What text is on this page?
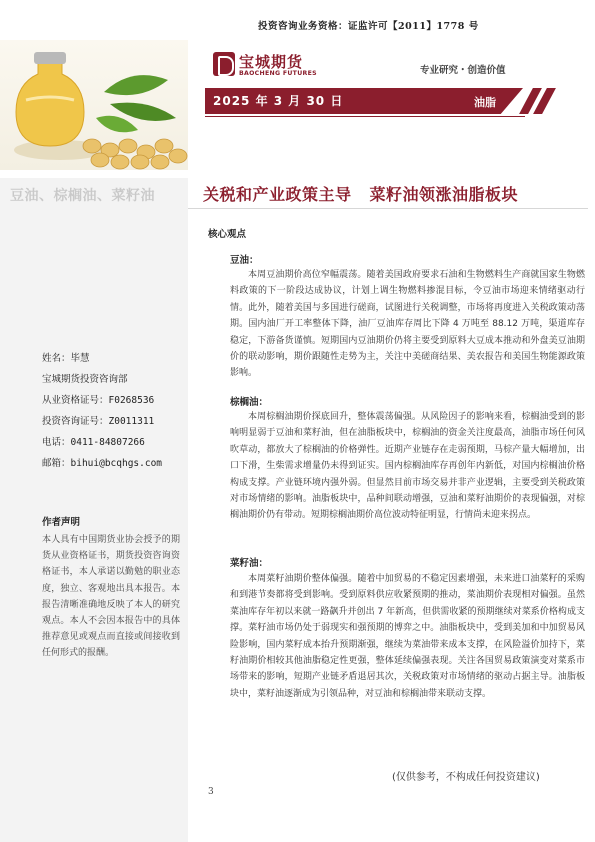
投资咨询业务资格：证监许可【2011】1778 号
宝城期货
BAOCHENG FUTURES	专业研究・创造价值
2025 年 3 月 30 日	油脂
豆油、棕榈油、菜籽油	关税和产业政策主导 菜籽油领涨油脂板块
姓名：毕慧
宝城期货投资咨询部
从业资格证号：F0268536
投资咨询证号：Z0011311
电话：0411-84807266
邮箱：bihui@bcqhgs.com
作者声明
本人具有中国期货业协会授予的期货从业资格证书，期货投资咨询资格证书，本人承诺以勤勉的职业态度，独立、客观地出具本报告。本报告清晰准确地反映了本人的研究观点。本人不会因本报告中的具体推荐意见或观点而直接或间接收到任何形式的报酬。
核心观点
豆油：
本周豆油期价高位窄幅震荡。随着美国政府要求石油和生物燃料生产商就国家生物燃料政策的下一阶段达成协议，计划上调生物燃料掺混目标，令豆油市场迎来情绪驱动行情。此外，随着美国与多国进行磋商，试图进行关税调整，市场将再度进入关税政策动荡期。国内油厂开工率整体下降，油厂豆油库存周比下降 4 万吨至 88.12 万吨，渠道库存稳定，下游备货谨慎。短期国内豆油期价仍将主要受到原料大豆成本推动和外盘美豆油期价的联动影响，期价跟随性走势为主，关注中美磋商结果、美农报告和美国生物能源政策影响。
棕榈油：
本周棕榈油期价探底回升，整体震荡偏强。从风险因子的影响来看，棕榈油受到的影响明显弱于豆油和菜籽油，但在油脂板块中，棕榈油的资金关注度最高，油脂市场任何风吹草动，都放大了棕榈油的价格弹性。近期产业链存在走弱预期，马棕产量大幅增加，出口下滑，生柴需求增量仍未得到证实。国内棕榈油库存再创年内新低，对国内棕榈油价格构成支撑。产业链环境内强外弱。但显然目前市场交易并非产业逻辑，主要受到关税政策对市场情绪的影响。油脂板块中，品种间联动增强，豆油和菜籽油期价的表现偏强，对棕榈油期价仍有带动。短期棕榈油期价高位波动特征明显，行情尚未迎来拐点。
菜籽油：
本周菜籽油期价整体偏强。随着中加贸易的不稳定因素增强，未来进口油菜籽的采购和到港节奏都将受到影响。受到原料供应收紧预期的推动，菜油期价表现相对偏强。虽然菜油库存年初以来就一路飙升并创出 7 年新高，但供需收紧的预期继续对菜系价格构成支撑。菜籽油市场仍处于弱现实和强预期的博弈之中。油脂板块中，受到美加和中加贸易风险影响，国内菜籽成本抬升预期渐强，继续为菜油带来成本支撑，在风险溢价加持下，菜籽油期价相较其他油脂稳定性更强，整体延续偏强表现。关注各国贸易政策演变对菜系市场带来的影响，短期产业链矛盾退居其次，关税政策对市场情绪的驱动占据主导。油脂板块中，菜籽油逐渐成为引领品种，对豆油和棕榈油带来联动支撑。
(仅供参考，不构成任何投资建议)
3
